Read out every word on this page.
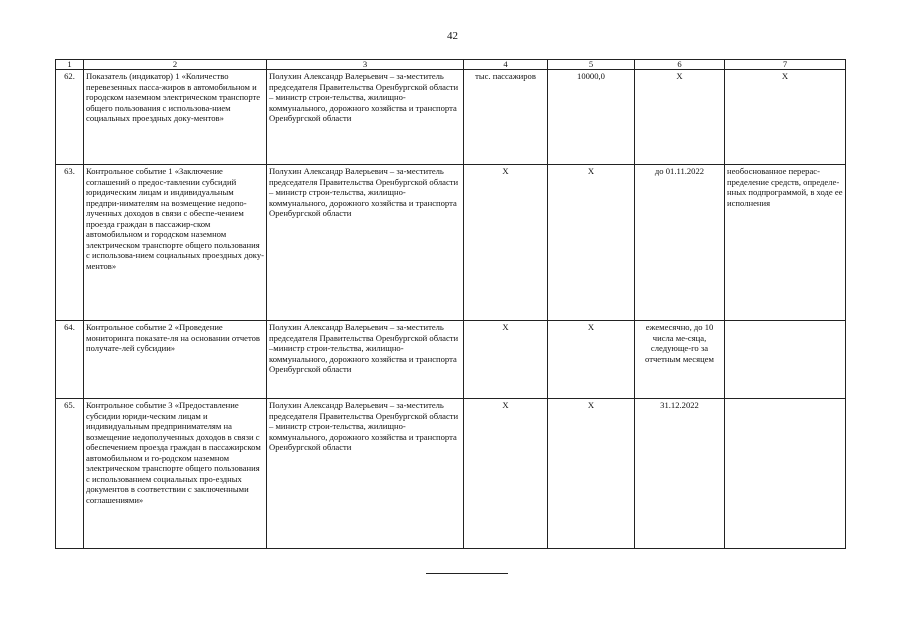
42
1	2	3	4	5	6	7
62.	Показатель (индикатор) 1 «Количество перевезенных пасса-жиров в автомобильном и городском наземном электрическом транспорте общего пользования с использова-нием социальных проездных доку-ментов»	Полухин Александр Валерьевич – за-меститель председателя Правительства Оренбургской области – министр строи-тельства, жилищно-коммунального, дорожного хозяйства и транспорта Оренбургской области	тыс. пассажиров	10000,0	Х	Х
63.	Контрольное событие 1 «Заключение соглашений о предос-тавлении субсидий юридическим лицам и индивидуальным предпри-нимателям на возмещение недопо-лученных доходов в связи с обеспе-чением проезда граждан в пассажир-ском автомобильном и городском наземном электрическом транспорте общего пользования с использова-нием социальных проездных доку-ментов»	Полухин Александр Валерьевич – за-меститель председателя Правительства Оренбургской области – министр строи-тельства, жилищно-коммунального, дорожного хозяйства и транспорта Оренбургской области	Х	Х	до 01.11.2022	необоснованное перерас-пределение средств, определе-нных подпрограммой, в ходе ее исполнения
64.	Контрольное событие 2 «Проведение мониторинга показате-ля на основании отчетов получате-лей субсидии»	Полухин Александр Валерьевич – за-меститель председателя Правительства Оренбургской области –министр строи-тельства, жилищно-коммунального, дорожного хозяйства и транспорта Оренбургской области	Х	Х	ежемесячно, до 10 числа ме-сяца, следующе-го за отчетным месяцем	
65.	Контрольное событие 3 «Предоставление субсидии юриди-ческим лицам и индивидуальным предпринимателям на возмещение недополученных доходов в связи с обеспечением проезда граждан в пассажирском автомобильном и го-родском наземном электрическом транспорте общего пользования с использованием социальных про-ездных документов в соответствии с заключенными соглашениями»	Полухин Александр Валерьевич – за-меститель председателя Правительства Оренбургской области – министр строи-тельства, жилищно-коммунального, дорожного хозяйства и транспорта Оренбургской области	Х	Х	31.12.2022	
